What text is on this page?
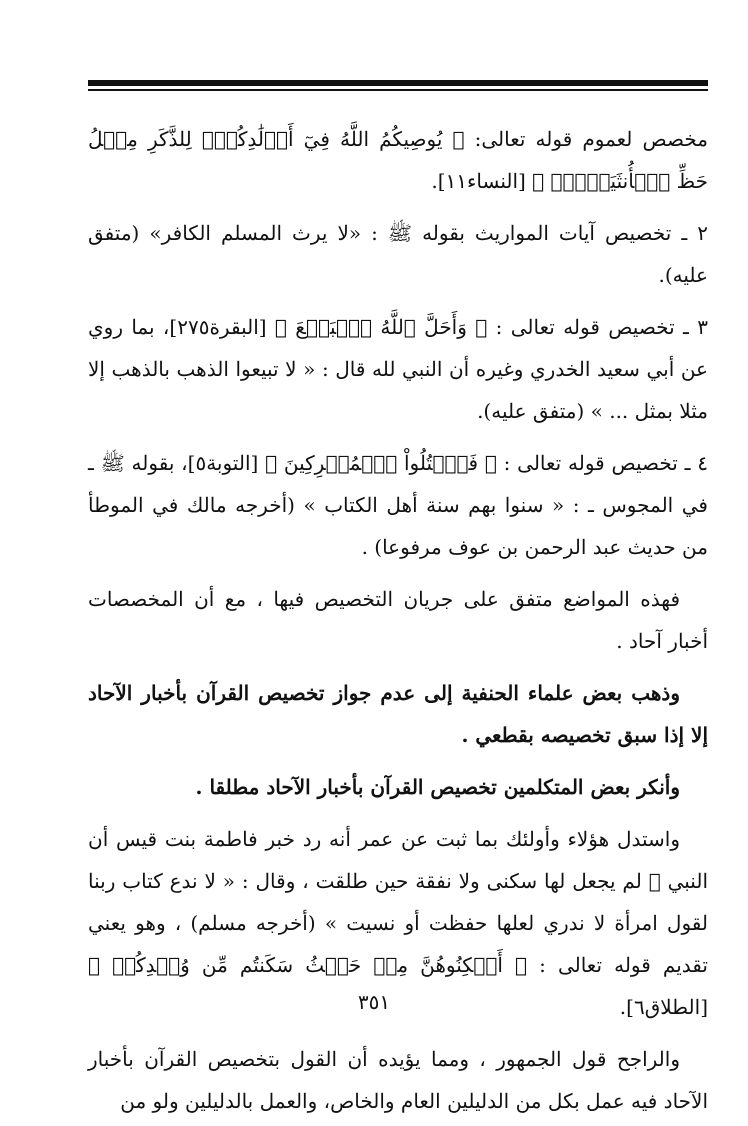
مخصص لعموم قوله تعالى: ﴿ يُوصِيكُمُ اللَّهُ فِيٓ أَوۡلَٰدِكُمۡۖ لِلذَّكَرِ مِثۡلُ حَظِّ ٱلۡأُنثَيَيۡنِۚ ﴾ [النساء١١].

٢ ـ تخصيص آيات المواريث بقوله ﷺ : «لا يرث المسلم الكافر» (متفق عليه).

٣ ـ تخصيص قوله تعالى : ﴿ وَأَحَلَّ ٱللَّهُ ٱلۡبَيۡعَ ﴾ [البقرة٢٧٥]، بما روي عن أبي سعيد الخدري وغيره أن النبي لله قال : « لا تبيعوا الذهب بالذهب إلا مثلا بمثل ... » (متفق عليه).

٤ ـ تخصيص قوله تعالى : ﴿ فَٱقۡتُلُواْ ٱلۡمُشۡرِكِينَ ﴾ [التوبة٥]، بقوله ﷺ ـ في المجوس ـ : « سنوا بهم سنة أهل الكتاب » (أخرجه مالك في الموطأ من حديث عبد الرحمن بن عوف مرفوعا) .

فهذه المواضع متفق على جريان التخصيص فيها ، مع أن المخصصات أخبار آحاد .

وذهب بعض علماء الحنفية إلى عدم جواز تخصيص القرآن بأخبار الآحاد إلا إذا سبق تخصيصه بقطعي .

وأنكر بعض المتكلمين تخصيص القرآن بأخبار الآحاد مطلقا .

واستدل هؤلاء وأولئك بما ثبت عن عمر أنه رد خبر فاطمة بنت قيس أن النبي ﷺ لم يجعل لها سكنى ولا نفقة حين طلقت ، وقال : « لا ندع كتاب ربنا لقول امرأة لا ندري لعلها حفظت أو نسيت » (أخرجه مسلم) ، وهو يعني تقديم قوله تعالى : ﴿ أَسۡكِنُوهُنَّ مِنۡ حَيۡثُ سَكَنتُم مِّن وُجۡدِكُمۡ ﴾ [الطلاق٦].

والراجح قول الجمهور ، ومما يؤيده أن القول بتخصيص القرآن بأخبار الآحاد فيه عمل بكل من الدليلين العام والخاص، والعمل بالدليلين ولو من

٣٥١
